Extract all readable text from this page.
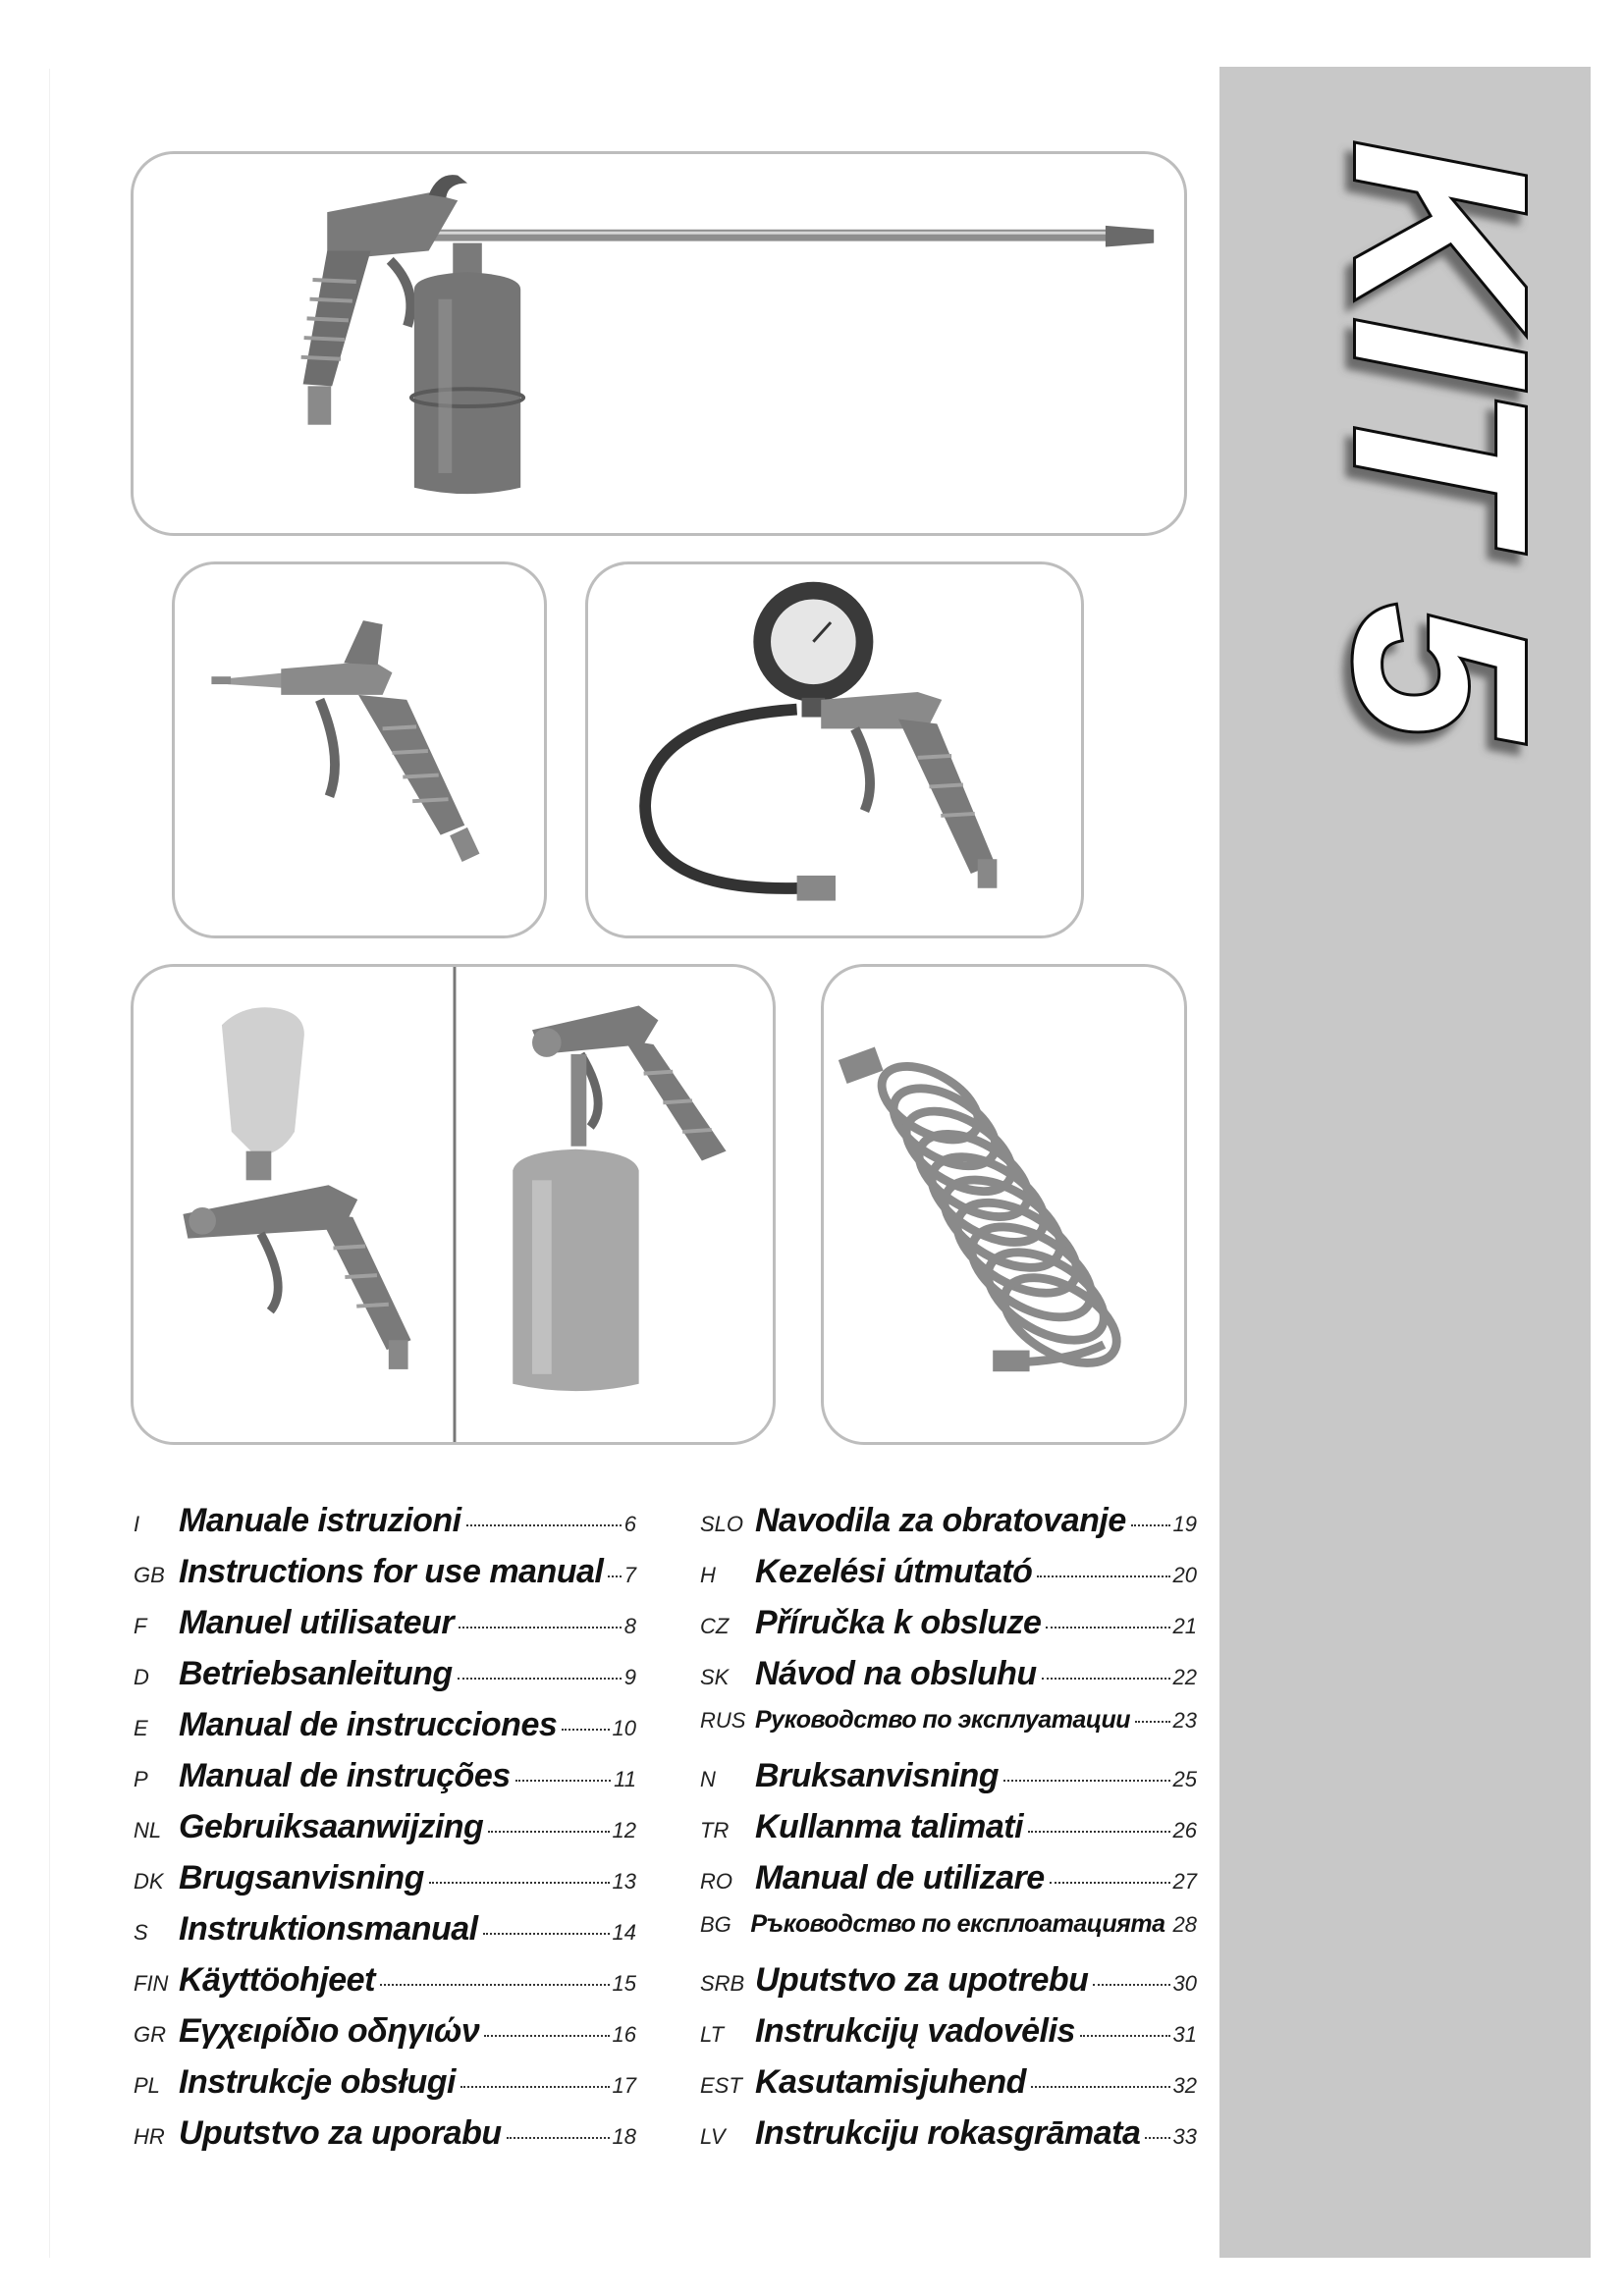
KIT 5
I	Manuale istruzioni	6
GB Instructions for use manual 7
F Manuel utilisateur	8
D Betriebsanleitung	9
E Manual de instrucciones	10
P Manual de instruções	11
NL Gebruiksaanwijzing	12
DK Brugsanvisning	13
S Instruktionsmanual	14
FIN Käyttöohjeet	15
GR Εγχειρίδιο οδηγιών	16
PL Instrukcje obsługi	17
HR Uputstvo za uporabu	18
SLO Navodila za obratovanje 19
H	Kezelési útmutató	20
CZ Příručka k obsluze	21
SK Návod na obsluhu	22
RUS Руководство по эксплуатации 23
N	Bruksanvisning	25
TR Kullanma talimati	26
RO Manual de utilizare	27
BG Ръководство по експлоатацията 28
SRB Uputstvo za upotrebu	30
LT Instrukcijų vadovėlis	31
EST Kasutamisjuhend	32
LV Instrukciju rokasgrāmata 33
